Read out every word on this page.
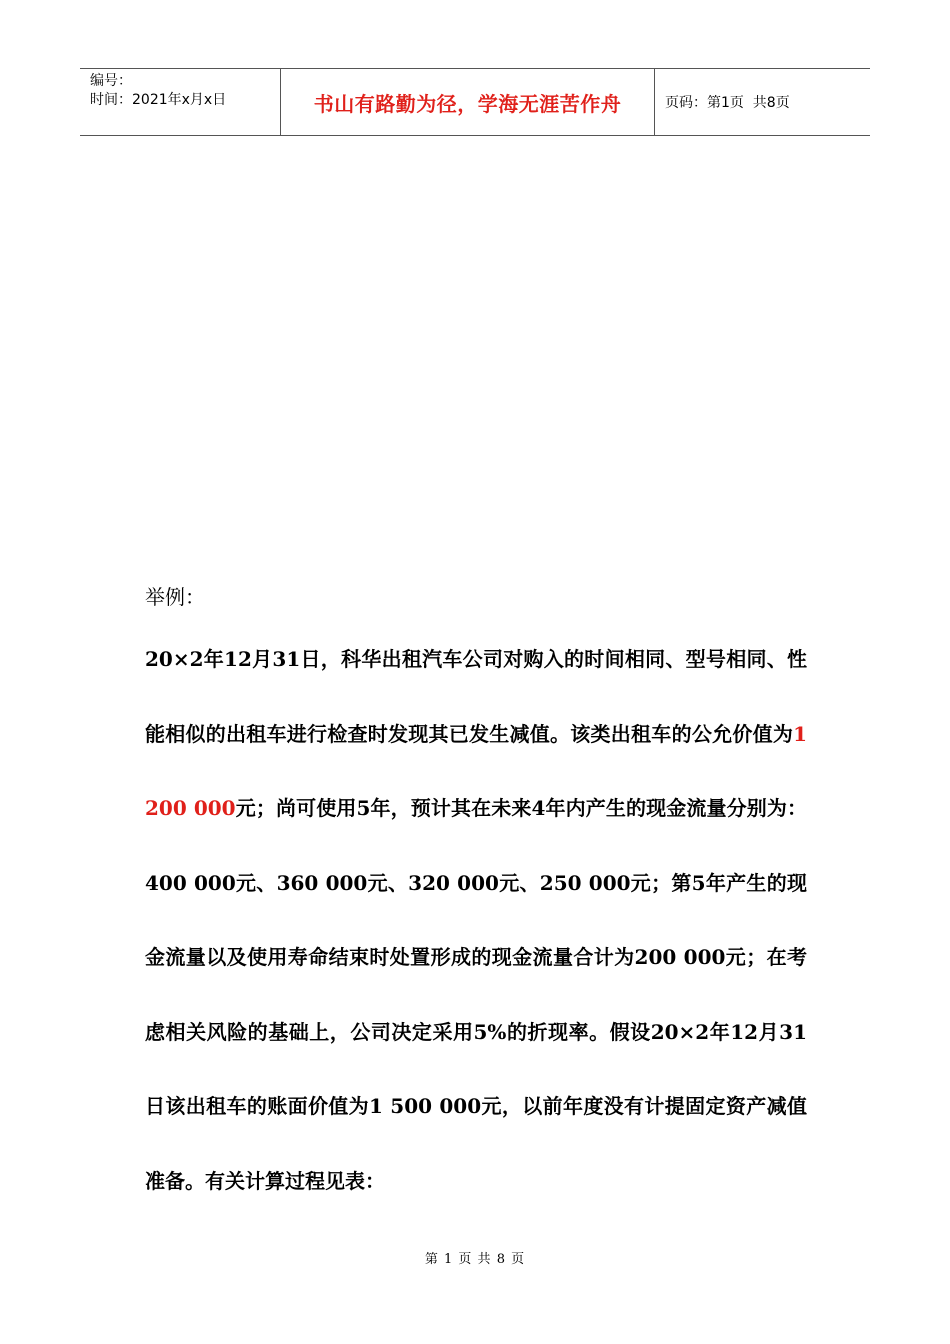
编号：
时间：2021年x月x日	书山有路勤为径，学海无涯苦作舟	页码：第1页  共8页

举例：

20×2年12月31日，科华出租汽车公司对购入的时间相同、型号相同、性能相似的出租车进行检查时发现其已发生减值。该类出租车的公允价值为1 200 000元；尚可使用5年，预计其在未来4年内产生的现金流量分别为：400 000元、360 000元、320 000元、250 000元；第5年产生的现金流量以及使用寿命结束时处置形成的现金流量合计为200 000元；在考虑相关风险的基础上，公司决定采用5%的折现率。假设20×2年12月31日该出租车的账面价值为1 500 000元，以前年度没有计提固定资产减值准备。有关计算过程见表：

第 1 页 共 8 页
